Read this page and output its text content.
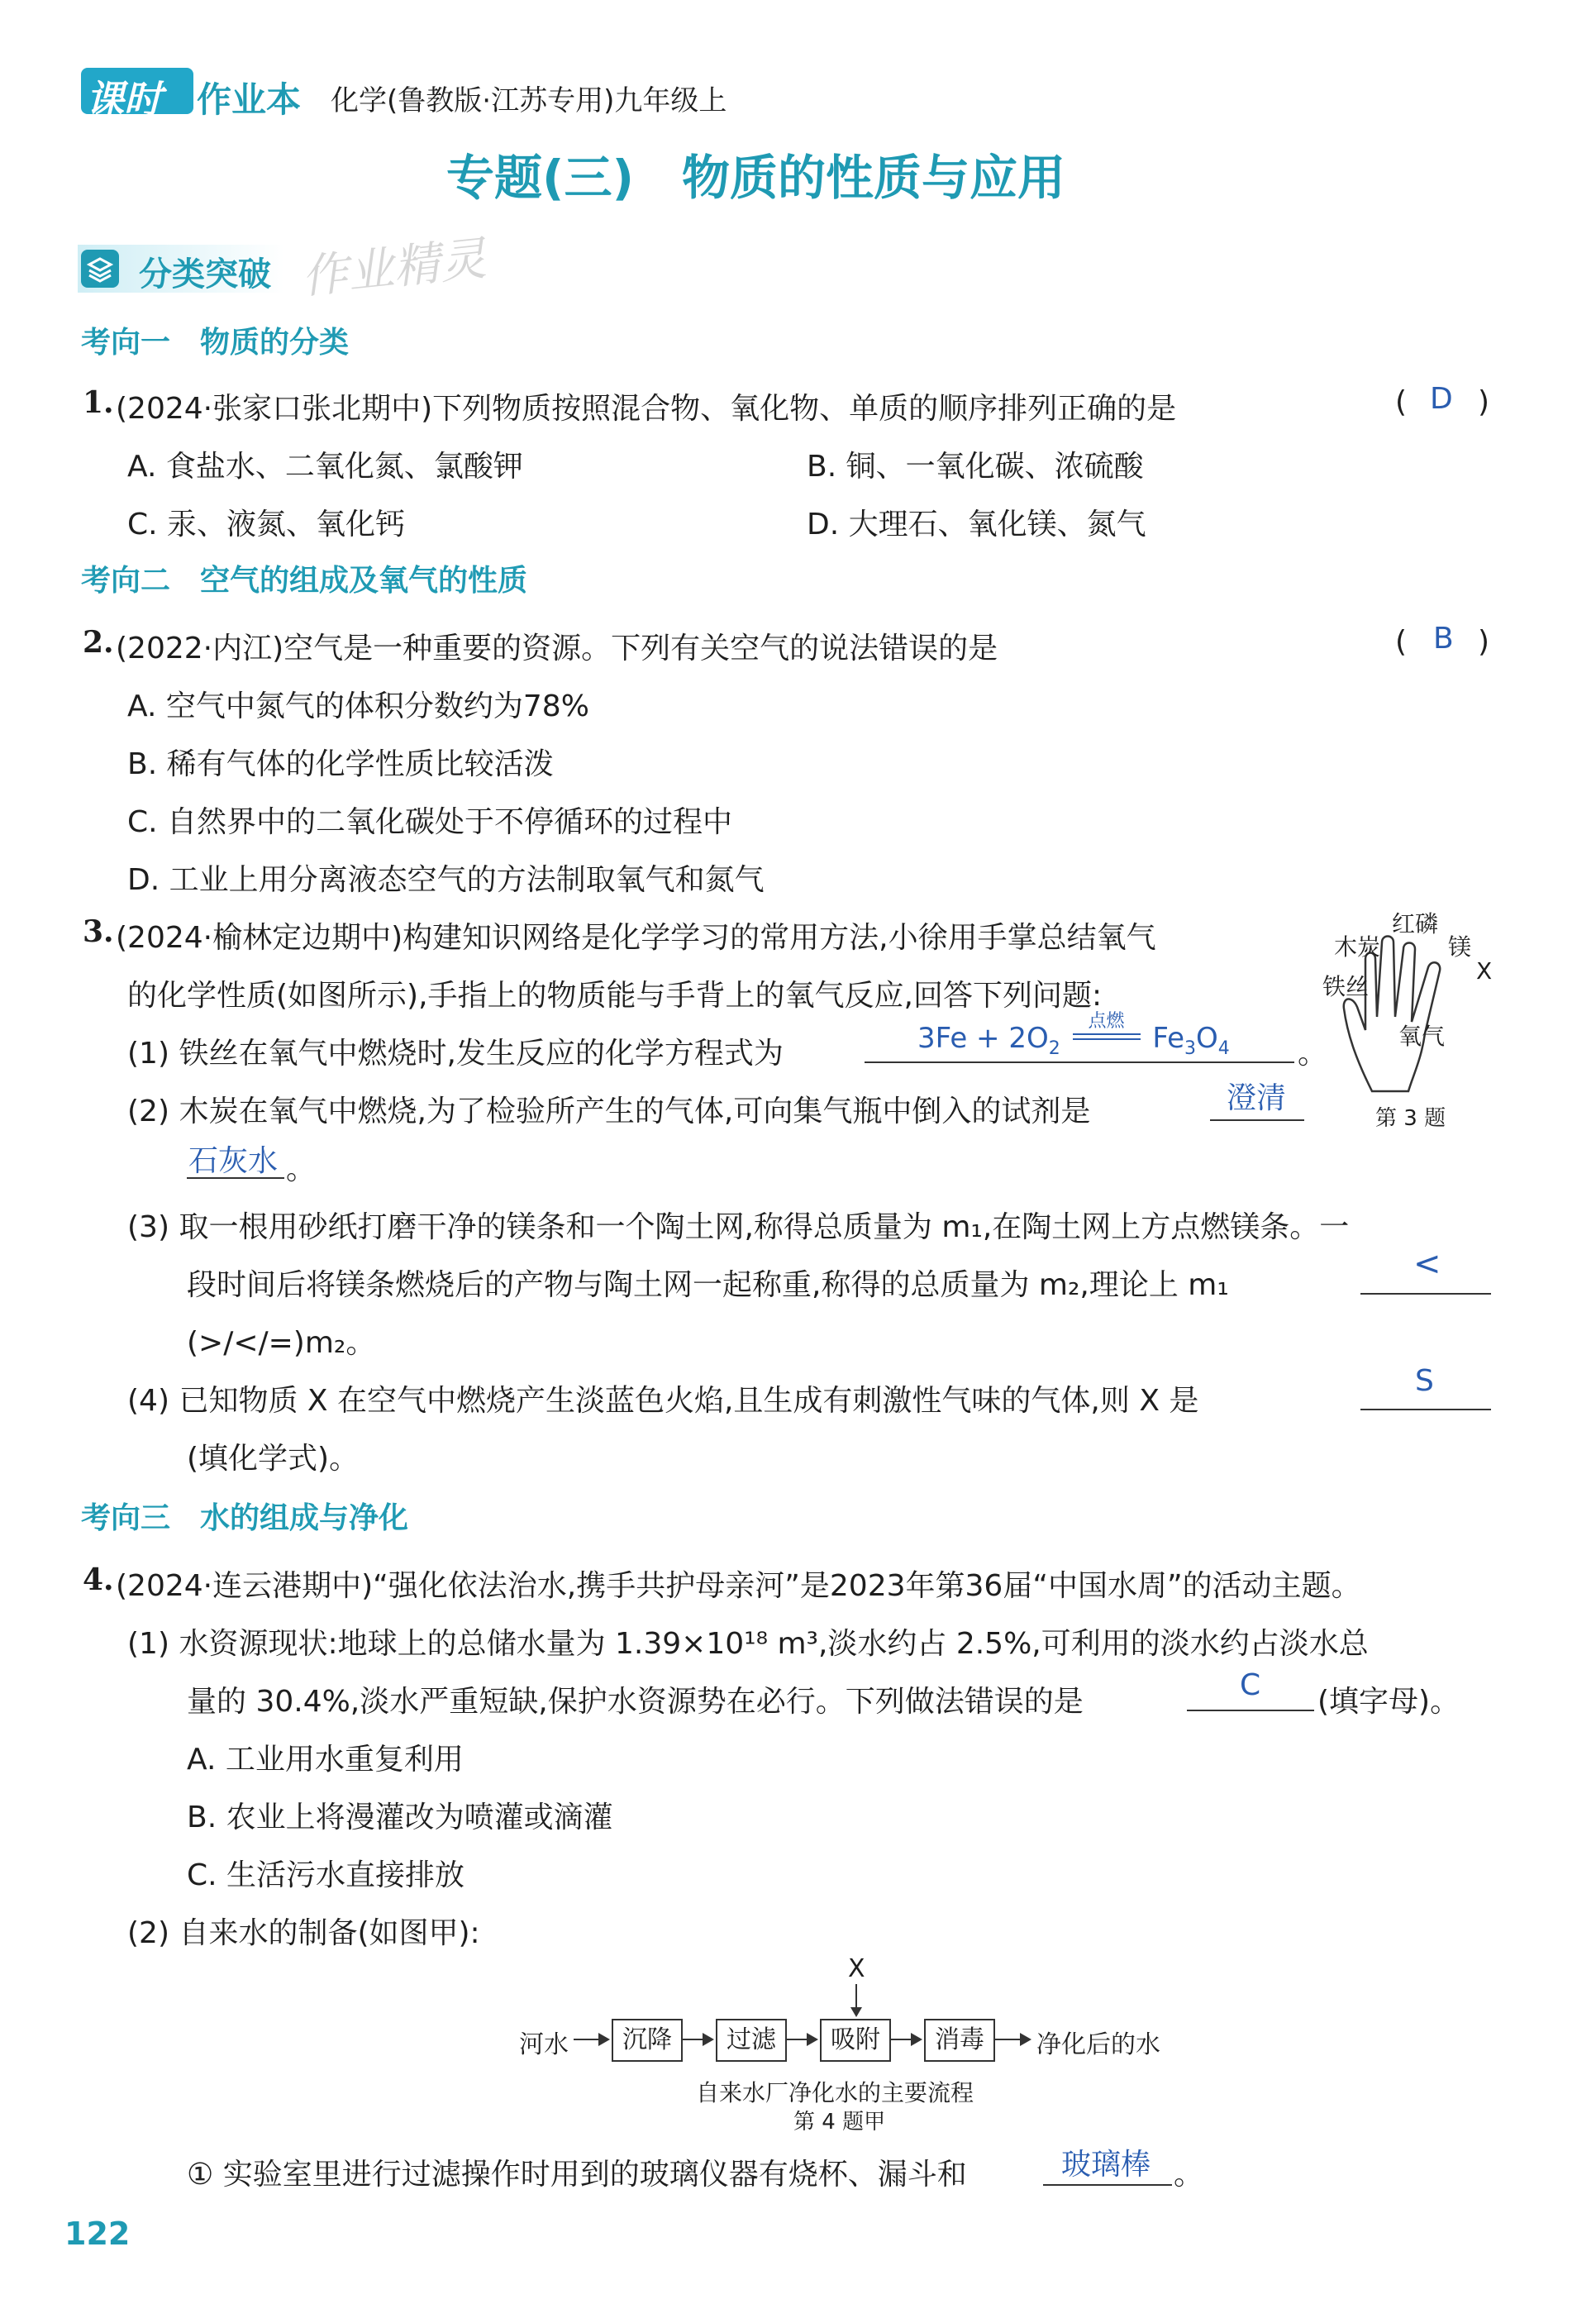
课时 作业本 化学(鲁教版·江苏专用)九年级上
专题(三)　物质的性质与应用
分类突破 作业精灵
考向一　物质的分类
1. (2024·张家口张北期中)下列物质按照混合物、氧化物、单质的顺序排列正确的是	( D )
A. 食盐水、二氧化氮、氯酸钾	B. 铜、一氧化碳、浓硫酸
C. 汞、液氮、氧化钙	D. 大理石、氧化镁、氮气
考向二　空气的组成及氧气的性质
2. (2022·内江)空气是一种重要的资源。下列有关空气的说法错误的是	( B )
A. 空气中氮气的体积分数约为78%
B. 稀有气体的化学性质比较活泼
C. 自然界中的二氧化碳处于不停循环的过程中
D. 工业上用分离液态空气的方法制取氧气和氮气
3. (2024·榆林定边期中)构建知识网络是化学学习的常用方法,小徐用手掌总结氧气
的化学性质(如图所示),手指上的物质能与手背上的氧气反应,回答下列问题:
(1) 铁丝在氧气中燃烧时,发生反应的化学方程式为	$3Fe + 2O_2$
点燃
$Fe_3O_4$ 。
(2) 木炭在氧气中燃烧,为了检验所产生的气体,可向集气瓶中倒入的试剂是	澄清
石灰水 。
(3) 取一根用砂纸打磨干净的镁条和一个陶土网,称得总质量为 m₁,在陶土网上方点燃镁条。一
段时间后将镁条燃烧后的产物与陶土网一起称重,称得的总质量为 m₂,理论上 m₁
<
(>/</=)m₂。
(4) 已知物质 X 在空气中燃烧产生淡蓝色火焰,且生成有刺激性气味的气体,则 X 是
S
(填化学式)。
木炭
红磷
镁
铁丝
X
氧气
第 3 题
考向三　水的组成与净化
4. (2024·连云港期中)“强化依法治水,携手共护母亲河”是2023年第36届“中国水周”的活动主题。
(1) 水资源现状:地球上的总储水量为 1.39×10¹⁸ m³,淡水约占 2.5%,可利用的淡水约占淡水总
量的 30.4%,淡水严重短缺,保护水资源势在必行。下列做法错误的是	C (填字母)。
A. 工业用水重复利用
B. 农业上将漫灌改为喷灌或滴灌
C. 生活污水直接排放
(2) 自来水的制备(如图甲):
河水	沉降	过滤	吸附	消毒	净化后的水
X
自来水厂净化水的主要流程
第 4 题甲
① 实验室里进行过滤操作时用到的玻璃仪器有烧杯、漏斗和	玻璃棒 。
122
